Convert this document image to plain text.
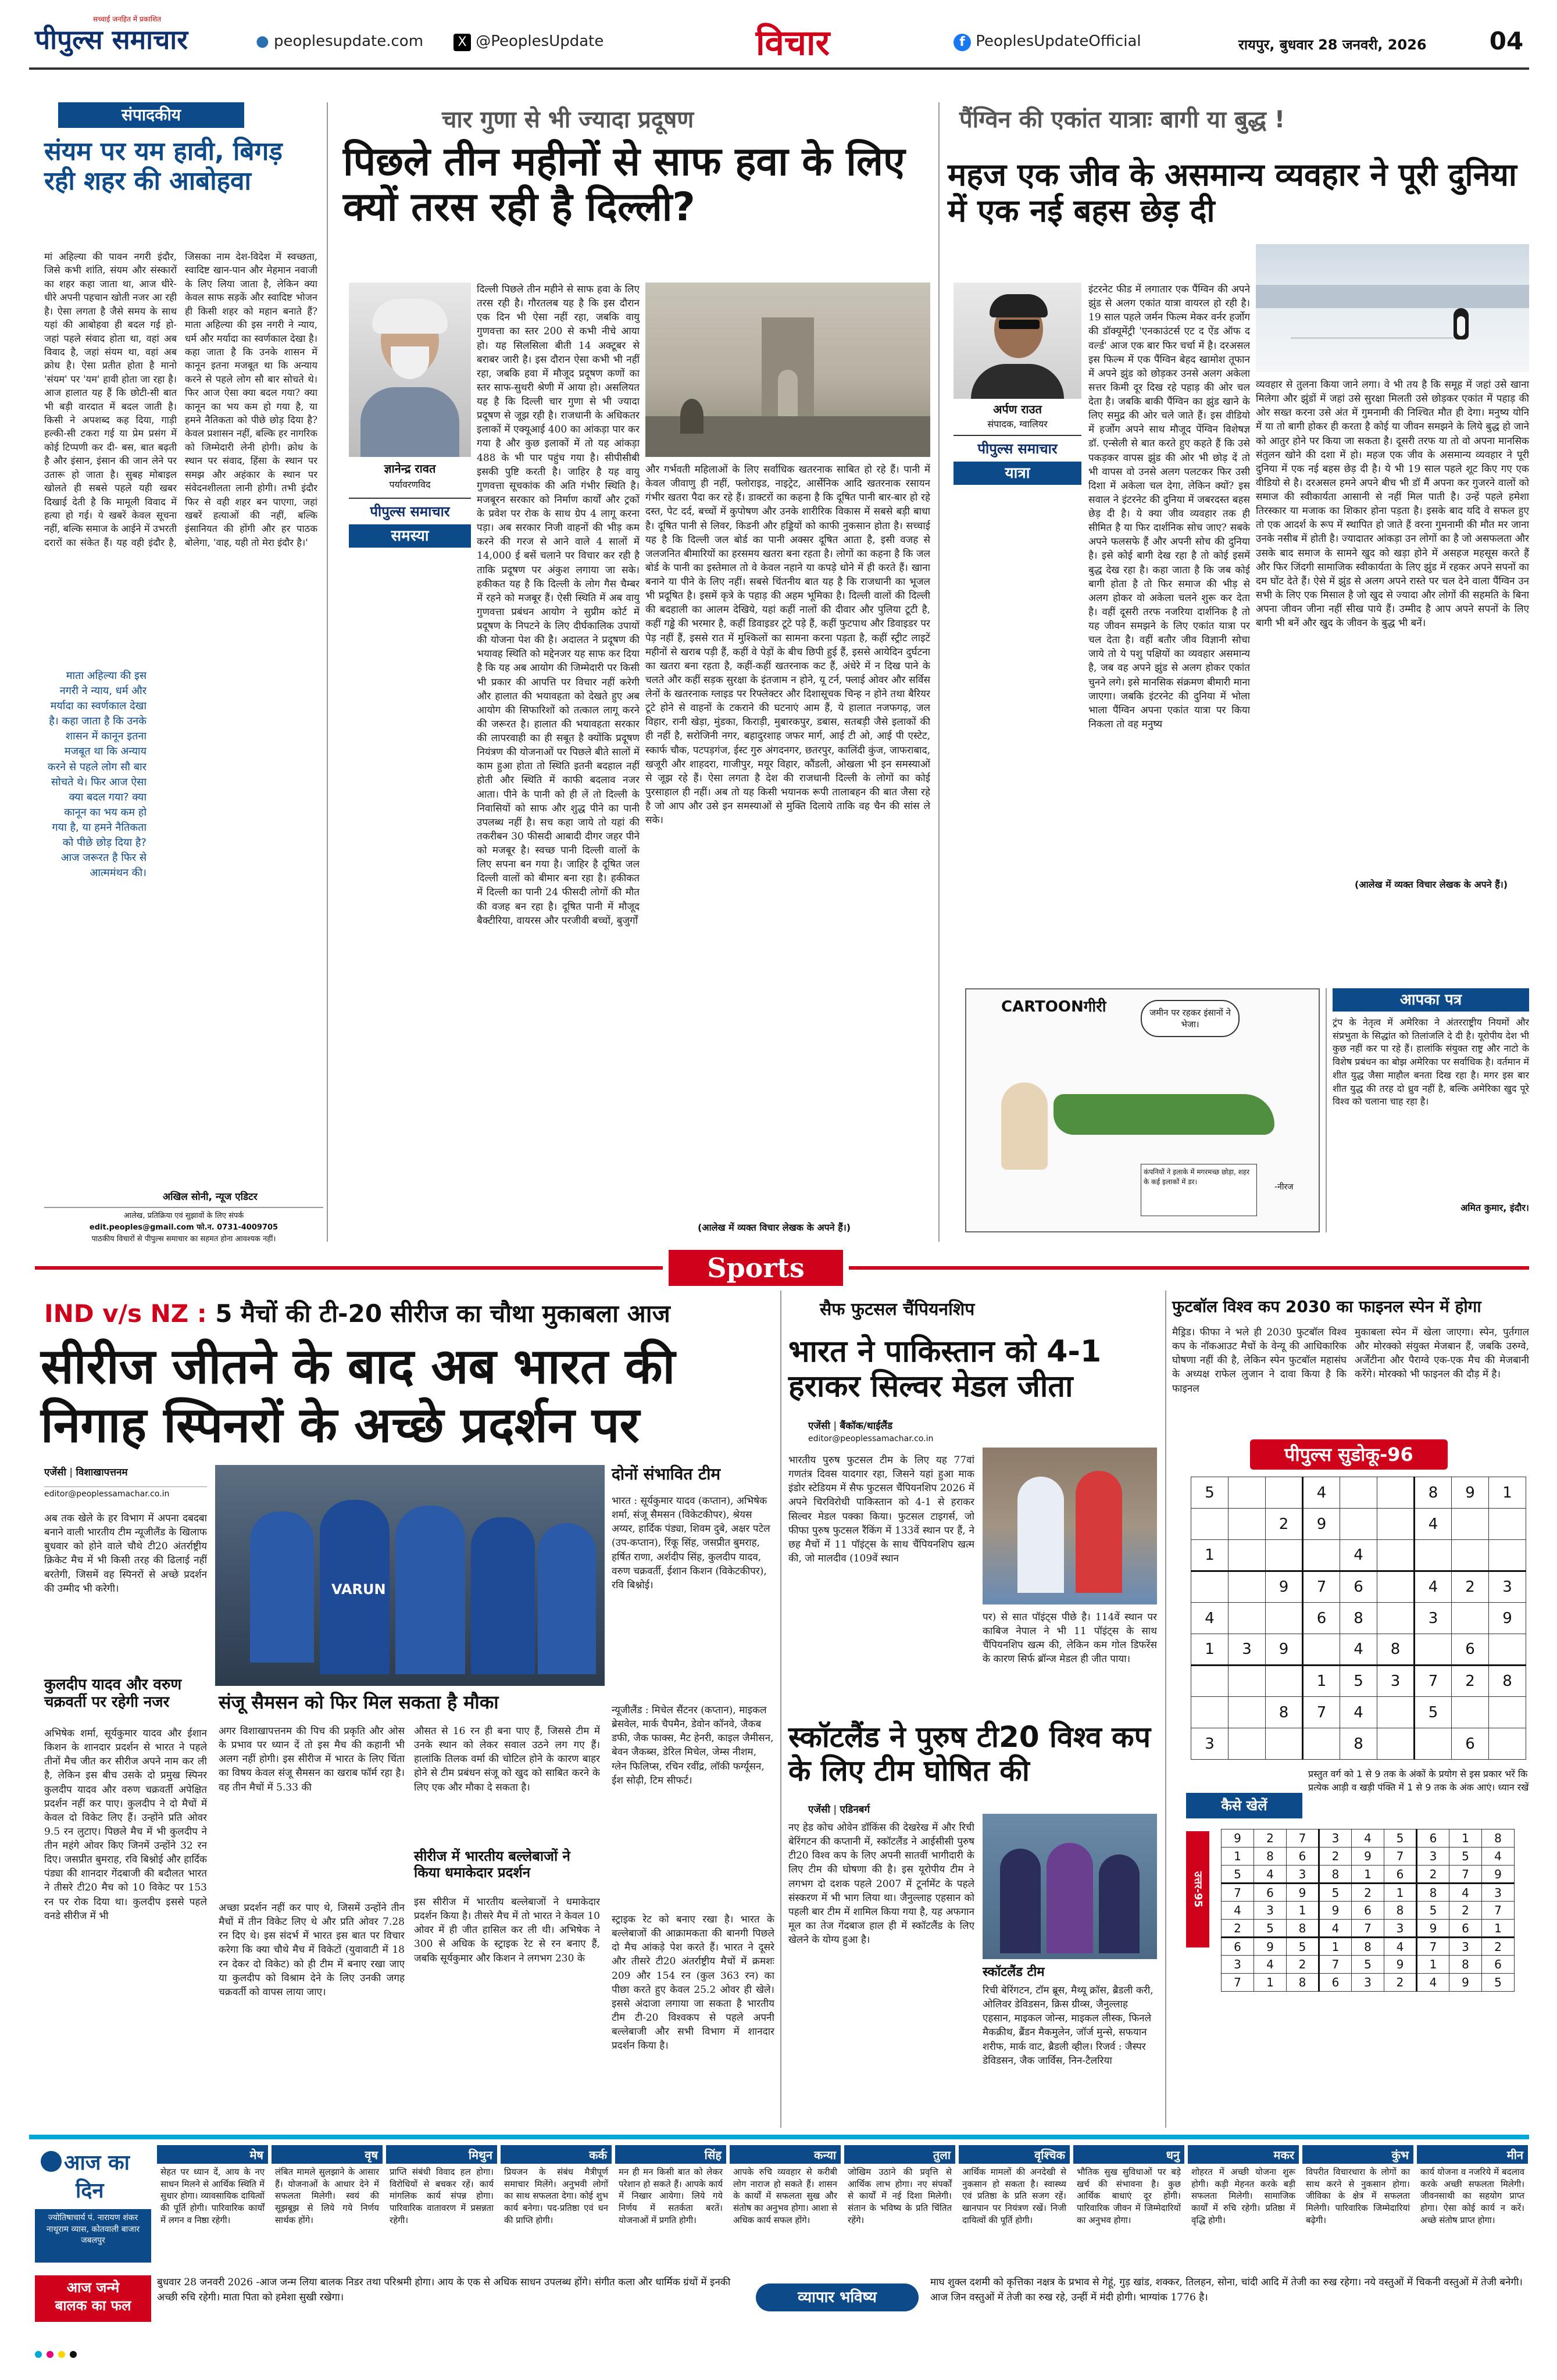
पीपुल्स समाचार
सच्चाई जनहित में प्रकाशित
● peoplesupdate.com	X @PeoplesUpdate	विचार	f PeoplesUpdateOfficial	रायपुर, बुधवार 28 जनवरी, 2026	04
संपादकीय
संयम पर यम हावी, बिगड़ रही शहर की आबोहवा
मां अहिल्या की पावन नगरी इंदौर, जिसे कभी शांति, संयम और संस्कारों का शहर कहा जाता था, आज धीरे-धीरे अपनी पहचान खोती नजर आ रही है। ऐसा लगता है जैसे समय के साथ यहां की आबोहवा ही बदल गई हो- जहां पहले संवाद होता था, वहां अब विवाद है, जहां संयम था, वहां अब क्रोध है। ऐसा प्रतीत होता है मानो 'संयम' पर 'यम' हावी होता जा रहा है। आज हालात यह हैं कि छोटी-सी बात भी बड़ी वारदात में बदल जाती है। किसी ने अपशब्द कह दिया, गाड़ी हल्की-सी टकरा गई या प्रेम प्रसंग में कोई टिप्पणी कर दी- बस, बात बढ़ती है और इंसान, इंसान की जान लेने पर उतारू हो जाता है। सुबह मोबाइल खोलते ही सबसे पहले यही खबर दिखाई देती है कि मामूली विवाद में हत्या हो गई। ये खबरें केवल सूचना नहीं, बल्कि समाज के आईने में उभरती दरारों का संकेत हैं। यह वही इंदौर है, जिसका नाम देश-विदेश में स्वच्छता, स्वादिष्ट खान-पान और मेहमान नवाजी के लिए लिया जाता है, लेकिन क्या केवल साफ सड़कें और स्वादिष्ट भोजन ही किसी शहर को महान बनाते हैं? माता अहिल्या की इस नगरी ने न्याय, धर्म और मर्यादा का स्वर्णकाल देखा है। कहा जाता है कि उनके शासन में कानून इतना मजबूत था कि अन्याय करने से पहले लोग सौ बार सोचते थे। फिर आज ऐसा क्या बदल गया? क्या कानून का भय कम हो गया है, या हमने नैतिकता को पीछे छोड़ दिया है? केवल प्रशासन नहीं, बल्कि हर नागरिक को जिम्मेदारी लेनी होगी। क्रोध के स्थान पर संवाद, हिंसा के स्थान पर समझ और अहंकार के स्थान पर संवेदनशीलता लानी होगी। तभी इंदौर फिर से वही शहर बन पाएगा, जहां खबरें हत्याओं की नहीं, बल्कि इंसानियत की होंगी और हर पाठक बोलेगा, 'वाह, यही तो मेरा इंदौर है।'
माता अहिल्या की इस नगरी ने न्याय, धर्म और मर्यादा का स्वर्णकाल देखा है। कहा जाता है कि उनके शासन में कानून इतना मजबूत था कि अन्याय करने से पहले लोग सौ बार सोचते थे। फिर आज ऐसा क्या बदल गया? क्या कानून का भय कम हो गया है, या हमने नैतिकता को पीछे छोड़ दिया है? आज जरूरत है फिर से आत्ममंथन की।
अखिल सोनी, न्यूज एडिटर
आलेख, प्रतिक्रिया एवं सुझावों के लिए संपर्क
edit.peoples@gmail.com फो.न. 0731-4009705
पाठकीय विचारों से पीपुल्स समाचार का सहमत होना आवश्यक नहीं।
चार गुणा से भी ज्यादा प्रदूषण
पिछले तीन महीनों से साफ हवा के लिए क्यों तरस रही है दिल्ली?
ज्ञानेन्द्र रावत
पर्यावरणविद
पीपुल्स समाचार
समस्या
दिल्ली पिछले तीन महीने से साफ हवा के लिए तरस रही है। गौरतलब यह है कि इस दौरान एक दिन भी ऐसा नहीं रहा, जबकि वायु गुणवत्ता का स्तर 200 से कभी नीचे आया हो। यह सिलसिला बीती 14 अक्टूबर से बराबर जारी है। इस दौरान ऐसा कभी भी नहीं रहा, जबकि हवा में मौजूद प्रदूषण कणों का स्तर साफ-सुथरी श्रेणी में आया हो। असलियत यह है कि दिल्ली चार गुणा से भी ज्यादा प्रदूषण से जूझ रही है। राजधानी के अधिकतर इलाकों में एक्यूआई 400 का आंकड़ा पार कर गया है और कुछ इलाकों में तो यह आंकड़ा 488 के भी पार पहुंच गया है। सीपीसीबी इसकी पुष्टि करती है। जाहिर है यह वायु गुणवत्ता सूचकांक की अति गंभीर स्थिति है। मजबूरन सरकार को निर्माण कार्यों और ट्रकों के प्रवेश पर रोक के साथ ग्रेप 4 लागू करना पड़ा। अब सरकार निजी वाहनों की भीड़ कम करने की गरज से आने वाले 4 सालों में 14,000 ई बसें चलाने पर विचार कर रही है ताकि प्रदूषण पर अंकुश लगाया जा सके। हकीकत यह है कि दिल्ली के लोग गैस चैम्बर में रहने को मजबूर हैं। ऐसी स्थिति में अब वायु गुणवत्ता प्रबंधन आयोग ने सुप्रीम कोर्ट में प्रदूषण के निपटने के लिए दीर्घकालिक उपायों की योजना पेश की है। अदालत ने प्रदूषण की भयावह स्थिति को मद्देनजर यह साफ कर दिया है कि यह अब आयोग की जिम्मेदारी पर किसी भी प्रकार की आपत्ति पर विचार नहीं करेगी और हालात की भयावहता को देखते हुए अब आयोग की सिफारिशों को तत्काल लागू करने की जरूरत है। हालात की भयावहता सरकार की लापरवाही का ही सबूत है क्योंकि प्रदूषण नियंत्रण की योजनाओं पर पिछले बीते सालों में काम हुआ होता तो स्थिति इतनी बदहाल नहीं होती और स्थिति में काफी बदलाव नजर आता। पीने के पानी को ही लें तो दिल्ली के निवासियों को साफ और शुद्ध पीने का पानी उपलब्ध नहीं है। सच कहा जाये तो यहां की तकरीबन 30 फीसदी आबादी दीगर जहर पीने को मजबूर है। स्वच्छ पानी दिल्ली वालों के लिए सपना बन गया है। जाहिर है दूषित जल दिल्ली वालों को बीमार बना रहा है। हकीकत में दिल्ली का पानी 24 फीसदी लोगों की मौत की वजह बन रहा है। दूषित पानी में मौजूद बैक्टीरिया, वायरस और परजीवी बच्चों, बुजुर्गों
और गर्भवती महिलाओं के लिए सर्वाधिक खतरनाक साबित हो रहे हैं। पानी में केवल जीवाणु ही नहीं, फ्लोराइड, नाइट्रेट, आर्सेनिक आदि खतरनाक रसायन गंभीर खतरा पैदा कर रहे हैं। डाक्टरों का कहना है कि दूषित पानी बार-बार हो रहे दस्त, पेट दर्द, बच्चों में कुपोषण और उनके शारीरिक विकास में सबसे बड़ी बाधा है। दूषित पानी से लिवर, किडनी और हड्डियों को काफी नुकसान होता है। सच्चाई यह है कि दिल्ली जल बोर्ड का पानी अक्सर दूषित आता है, इसी वजह से जलजनित बीमारियों का हरसमय खतरा बना रहता है। लोगों का कहना है कि जल बोर्ड के पानी का इस्तेमाल तो वे केवल नहाने या कपड़े धोने में ही करते हैं। खाना बनाने या पीने के लिए नहीं। सबसे चिंतनीय बात यह है कि राजधानी का भूजल भी प्रदूषित है। इसमें कृत्रे के पहाड़ की अहम भूमिका है। दिल्ली वालों की दिल्ली की बदहाली का आलम देखिये, यहां कहीं नालों की दीवार और पुलिया टूटी है, कहीं गड्ढे की भरमार है, कहीं डिवाइडर टूटे पड़े हैं, कहीं फुटपाथ और डिवाइडर पर पेड़ नहीं हैं, इससे रात में मुश्किलों का सामना करना पड़ता है, कहीं स्ट्रीट लाइटें महीनों से खराब पड़ी हैं, कहीं वे पेड़ों के बीच छिपी हुई हैं, इससे आयेदिन दुर्घटना का खतरा बना रहता है, कहीं-कहीं खतरनाक कट हैं, अंधेरे में न दिख पाने के चलते और कहीं सड़क सुरक्षा के इंतजाम न होने, यू टर्न, फ्लाई ओवर और सर्विस लेनों के खतरनाक ग्लाइड पर रिफ्लेक्टर और दिशासूचक चिन्ह न होने तथा बैरियर टूटे होने से वाहनों के टकराने की घटनाएं आम हैं, ये हालात नजफगढ़, जल विहार, रानी खेड़ा, मुंडका, किराड़ी, मुबारकपुर, डबास, सतबड़ी जैसे इलाकों की ही नहीं है, सरोजिनी नगर, बहादुरशाह जफर मार्ग, आई टी ओ, आई पी एस्टेट, स्कार्फ चौक, पटपड़गंज, ईस्ट गुरु अंगदनगर, छतरपुर, कालिंदी कुंज, जाफराबाद, खजूरी और शाहदरा, गाजीपुर, मयूर विहार, कौंडली, ओखला भी इन समस्याओं से जूझ रहे हैं। ऐसा लगता है देश की राजधानी दिल्ली के लोगों का कोई पुरसाहाल ही नहीं। अब तो यह किसी भयानक रूपी तालाबहन की बात जैसा रहे है जो आप और उसे इन समस्याओं से मुक्ति दिलाये ताकि वह चैन की सांस ले सके।
(आलेख में व्यक्त विचार लेखक के अपने हैं।)
पैंग्विन की एकांत यात्राः बागी या बुद्ध !
महज एक जीव के असमान्य व्यवहार ने पूरी दुनिया में एक नई बहस छेड़ दी
अर्पण राउत
संपादक, ग्वालियर
पीपुल्स समाचार
यात्रा
इंटरनेट फीड में लगातार एक पैंग्विन की अपने झुंड से अलग एकांत यात्रा वायरल हो रही है। 19 साल पहले जर्मन फिल्म मेकर वर्नर हर्जोग की डॉक्यूमेंट्री 'एनकाउंटर्स एट द ऐंड ऑफ द वर्ल्ड' आज एक बार फिर चर्चा में है। दरअसल इस फिल्म में एक पैंग्विन बेहद खामोश तूफान में अपने झुंड को छोड़कर उनसे अलग अकेला सत्तर किमी दूर दिख रहे पहाड़ की ओर चल देता है। जबकि बाकी पैंग्विन का झुंड खाने के लिए समुद्र की ओर चले जाते हैं। इस वीडियो में हर्जोग अपने साथ मौजूद पेंग्विन विशेषज्ञ डॉ. एन्सेली से बात करते हुए कहते हैं कि उसे पकड़कर वापस झुंड की ओर भी छोड़ दें तो भी वापस वो उनसे अलग पलटकर फिर उसी दिशा में अकेला चल देगा, लेकिन क्यों? इस सवाल ने इंटरनेट की दुनिया में जबरदस्त बहस छेड़ दी है। ये क्या जीव व्यवहार तक ही सीमित है या फिर दार्शनिक सोच जाए? सबके अपने फलसफे हैं और अपनी सोच की दुनिया है। इसे कोई बागी देख रहा है तो कोई इसमें बुद्ध देख रहा है। कहा जाता है कि जब कोई बागी होता है तो फिर समाज की भीड़ से अलग होकर वो अकेला चलने शुरू कर देता है। वहीं दूसरी तरफ नजरिया दार्शनिक है तो यह जीवन समझने के लिए एकांत यात्रा पर चल देता है। वहीं बतौर जीव विज्ञानी सोचा जाये तो ये पशु पक्षियों का व्यवहार असमान्य है, जब वह अपने झुंड से अलग होकर एकांत चुनने लगे। इसे मानसिक संक्रमण बीमारी माना जाएगा। जबकि इंटरनेट की दुनिया में भोला भाला पैंग्विन अपना एकांत यात्रा पर किया निकला तो वह मनुष्य
व्यवहार से तुलना किया जाने लगा। वे भी तय है कि समूह में जहां उसे खाना मिलेगा और झुंडों में जहां उसे सुरक्षा मिलती उसे छोड़कर एकांत में पहाड़ की ओर सख्त करना उसे अंत में गुमनामी की निश्चित मौत ही देगा। मनुष्य योनि में या तो बागी होकर ही करता है कोई या जीवन समझने के लिये बुद्ध हो जाने को आतुर होने पर किया जा सकता है। दूसरी तरफ या तो वो अपना मानसिक संतुलन खोने की दशा में हो। महज एक जीव के असमान्य व्यवहार ने पूरी दुनिया में एक नई बहस छेड़ दी है। ये भी 19 साल पहले शूट किए गए एक वीडियो से है। दरअसल हमने अपने बीच भी डॉ मैं अपना कर गुजरने वालों को समाज की स्वीकार्यता आसानी से नहीं मिल पाती है। उन्हें पहले हमेशा तिरस्कार या मजाक का शिकार होना पड़ता है। इसके बाद यदि वे सफल हुए तो एक आदर्श के रूप में स्थापित हो जाते हैं वरना गुमनामी की मौत मर जाना उनके नसीब में होती है। ज्यादातर आंकड़ा उन लोगों का है जो असफलता और उसके बाद समाज के सामने खुद को खड़ा होने में असहज महसूस करते हैं और फिर जिंदगी सामाजिक स्वीकार्यता के लिए झुंड में रहकर अपने सपनों का दम घोंट देते हैं। ऐसे में झुंड से अलग अपने रास्ते पर चल देने वाला पैंग्विन उन सभी के लिए एक मिसाल है जो खुद से ज्यादा और लोगों की सहमति के बिना अपना जीवन जीना नहीं सीख पाये हैं। उम्मीद है आप अपने सपनों के लिए बागी भी बनें और खुद के जीवन के बुद्ध भी बनें।
(आलेख में व्यक्त विचार लेखक के अपने हैं।)
CARTOONगीरी	जमीन पर रहकर इंसानों ने भेजा।
कंपनियों ने इलाके में मगरमच्छ छोड़ा, शहर के कई इलाकों में डर।
-नीरज
आपका पत्र
ट्रंप के नेतृत्व में अमेरिका ने अंतरराष्ट्रीय नियमों और संप्रभुता के सिद्धांत को तिलांजलि दे दी है। यूरोपीय देश भी कुछ नहीं कर पा रहे हैं। हालांकि संयुक्त राष्ट्र और नाटो के विशेष प्रबंधन का बोझ अमेरिका पर सर्वाधिक है। वर्तमान में शीत युद्ध जैसा माहौल बनता दिख रहा है। मगर इस बार शीत युद्ध की तरह दो ध्रुव नहीं है, बल्कि अमेरिका खुद पूरे विश्व को चलाना चाह रहा है।
अमित कुमार, इंदौर।
Sports
IND v/s NZ : 5 मैचों की टी-20 सीरीज का चौथा मुकाबला आज
सीरीज जीतने के बाद अब भारत की निगाह स्पिनरों के अच्छे प्रदर्शन पर
एजेंसी | विशाखापत्तनम
editor@peoplessamachar.co.in
अब तक खेले के हर विभाग में अपना दबदबा बनाने वाली भारतीय टीम न्यूजीलैंड के खिलाफ बुधवार को होने वाले चौथे टी20 अंतर्राष्ट्रीय क्रिकेट मैच में भी किसी तरह की ढिलाई नहीं बरतेगी, जिसमें वह स्पिनरों से अच्छे प्रदर्शन की उम्मीद भी करेगी।
कुलदीप यादव और वरुण चक्रवर्ती पर रहेगी नजर
अभिषेक शर्मा, सूर्यकुमार यादव और ईशान किशन के शानदार प्रदर्शन से भारत ने पहले तीनों मैच जीत कर सीरीज अपने नाम कर ली है, लेकिन इस बीच उसके दो प्रमुख स्पिनर कुलदीप यादव और वरुण चक्रवर्ती अपेक्षित प्रदर्शन नहीं कर पाए। कुलदीप ने दो मैचों में केवल दो विकेट लिए हैं। उन्होंने प्रति ओवर 9.5 रन लुटाए। पिछले मैच में भी कुलदीप ने तीन महंगे ओवर किए जिनमें उन्होंने 32 रन दिए। जसप्रीत बुमराह, रवि बिश्नोई और हार्दिक पंड्या की शानदार गेंदबाजी की बदौलत भारत ने तीसरे टी20 मैच को 10 विकेट पर 153 रन पर रोक दिया था। कुलदीप इससे पहले वनडे सीरीज में भी
VARUN
संजू सैमसन को फिर मिल सकता है मौका
अगर विशाखापत्तनम की पिच की प्रकृति और ओस के प्रभाव पर ध्यान दें तो इस मैच की कहानी भी अलग नहीं होगी। इस सीरीज में भारत के लिए चिंता का विषय केवल संजू सैमसन का खराब फॉर्म रहा है। वह तीन मैचों में 5.33 की
औसत से 16 रन ही बना पाए हैं, जिससे टीम में उनके स्थान को लेकर सवाल उठने लग गए हैं। हालांकि तिलक वर्मा की चोटिल होने के कारण बाहर होने से टीम प्रबंधन संजू को खुद को साबित करने के लिए एक और मौका दे सकता है।
अच्छा प्रदर्शन नहीं कर पाए थे, जिसमें उन्होंने तीन मैचों में तीन विकेट लिए थे और प्रति ओवर 7.28 रन दिए थे। इस संदर्भ में भारत इस बात पर विचार करेगा कि क्या चौथे मैच में विकेटों (युवावाटी में 18 रन देकर दो विकेट) को ही टीम में बनाए रखा जाए या कुलदीप को विश्राम देने के लिए उनकी जगह चक्रवर्ती को वापस लाया जाए।
सीरीज में भारतीय बल्लेबाजों ने किया धमाकेदार प्रदर्शन
इस सीरीज में भारतीय बल्लेबाजों ने धमाकेदार प्रदर्शन किया है। तीसरे मैच में तो भारत ने केवल 10 ओवर में ही जीत हासिल कर ली थी। अभिषेक ने 300 से अधिक के स्ट्राइक रेट से रन बनाए हैं, जबकि सूर्यकुमार और किशन ने लगभग 230 के
दोनों संभावित टीम
भारत : सूर्यकुमार यादव (कप्तान), अभिषेक शर्मा, संजू सैमसन (विकेटकीपर), श्रेयस अय्यर, हार्दिक पंड्या, शिवम दुबे, अक्षर पटेल (उप-कप्तान), रिंकू सिंह, जसप्रीत बुमराह, हर्षित राणा, अर्शदीप सिंह, कुलदीप यादव, वरुण चक्रवर्ती, ईशान किशन (विकेटकीपर), रवि बिश्नोई।
न्यूजीलैंड : मिचेल सैंटनर (कप्तान), माइकल ब्रेसवेल, मार्क चैपमैन, डेवोन कॉनवे, जैकब डफी, जैक फाक्स, मैट हेनरी, काइल जैमीसन, बेवन जैकब्स, डेरिल मिचेल, जेम्स नीशम, ग्लेन फिलिप्स, रचिन रवींद्र, लॉकी फर्ग्यूसन, ईश सोढ़ी, टिम सीफर्ट।
स्ट्राइक रेट को बनाए रखा है। भारत के बल्लेबाजों की आक्रामकता की बानगी पिछले दो मैच आंकड़े पेश करते हैं। भारत ने दूसरे और तीसरे टी20 अंतर्राष्ट्रीय मैचों में क्रमशः 209 और 154 रन (कुल 363 रन) का पीछा करते हुए केवल 25.2 ओवर ही खेले। इससे अंदाजा लगाया जा सकता है भारतीय टीम टी-20 विश्वकप से पहले अपनी बल्लेबाजी और सभी विभाग में शानदार प्रदर्शन किया है।
सैफ फुटसल चैंपियनशिप
भारत ने पाकिस्तान को 4-1 हराकर सिल्वर मेडल जीता
एजेंसी | बैंकॉक/थाईलैंड
editor@peoplessamachar.co.in
भारतीय पुरुष फुटसल टीम के लिए यह 77वां गणतंत्र दिवस यादगार रहा, जिसने यहां हुआ माक इंडोर स्टेडियम में सैफ फुटसल चैंपियनशिप 2026 में अपने चिरविरोधी पाकिस्तान को 4-1 से हराकर सिल्वर मेडल पक्का किया। फुटसल टाइगर्स, जो फीफा पुरुष फुटसल रैंकिंग में 133वें स्थान पर हैं, ने छह मैचों में 11 पॉइंट्स के साथ चैंपियनशिप खत्म की, जो मालदीव (109वें स्थान
पर) से सात पॉइंट्स पीछे है। 114वें स्थान पर काबिज नेपाल ने भी 11 पॉइंट्स के साथ चैंपियनशिप खत्म की, लेकिन कम गोल डिफरेंस के कारण सिर्फ ब्रॉन्ज मेडल ही जीत पाया।
स्कॉटलैंड ने पुरुष टी20 विश्व कप के लिए टीम घोषित की
एजेंसी | एडिनबर्ग
नए हेड कोच ओवेन डॉकिंस की देखरेख में और रिची बेरिंगटन की कप्तानी में, स्कॉटलैंड ने आईसीसी पुरुष टी20 विश्व कप के लिए अपनी सातवीं भागीदारी के लिए टीम की घोषणा की है। इस यूरोपीय टीम ने लगभग दो दशक पहले 2007 में टूर्नामेंट के पहले संस्करण में भी भाग लिया था। जैनुल्लाह एहसान को पहली बार टीम में शामिल किया गया है, यह अफगान मूल का तेज गेंदबाज हाल ही में स्कॉटलैंड के लिए खेलने के योग्य हुआ है।
स्कॉटलैंड टीम
रिची बेरिंगटन, टॉम ब्रूस, मैथ्यू क्रॉस, ब्रैडली करी, ओलिवर डेविडसन, क्रिस ग्रीव्स, जैनुल्लाह एहसान, माइकल जोन्स, माइकल लीस्क, फिनले मैकक्रीथ, ब्रैंडन मैकमुलेन, जॉर्ज मुन्से, सफयान शरीफ, मार्क वाट, ब्रैडली व्हील। रिजर्व : जैस्पर डेविडसन, जैक जार्विस, निन-टैलरिया
फुटबॉल विश्व कप 2030 का फाइनल स्पेन में होगा
मैड्रिड। फीफा ने भले ही 2030 फुटबॉल विश्व कप के नॉकआउट मैचों के वेन्यू की आधिकारिक घोषणा नहीं की है, लेकिन स्पेन फुटबॉल महासंघ के अध्यक्ष राफेल लुजान ने दावा किया है कि फाइनल
मुकाबला स्पेन में खेला जाएगा। स्पेन, पुर्तगाल और मोरक्को संयुक्त मेजबान हैं, जबकि उरुग्वे, अर्जेंटीना और पैराग्वे एक-एक मैच की मेजबानी करेंगे। मोरक्को भी फाइनल की दौड़ में है।
पीपुल्स सुडोकू-96
5			4			8	9	1
		2	9			4		
1				4				
		9	7	6		4	2	3
4			6	8		3		9
1	3	9		4	8		6	
			1	5	3	7	2	8
		8	7	4		5		
3				8			6	
प्रस्तुत वर्ग को 1 से 9 तक के अंकों के प्रयोग से इस प्रकार भरें कि प्रत्येक आड़ी व खड़ी पंक्ति में 1 से 9 तक के अंक आएं। ध्यान रखें
कैसे खेलें
उत्तर-95
9	2	7	3	4	5	6	1	8
1	8	6	2	9	7	3	5	4
5	4	3	8	1	6	2	7	9
7	6	9	5	2	1	8	4	3
4	3	1	9	6	8	5	2	7
2	5	8	4	7	3	9	6	1
6	9	5	1	8	4	7	3	2
3	4	2	7	5	9	1	8	6
7	1	8	6	3	2	4	9	5
आज का
दिन
ज्योतिषाचार्य पं. नारायण शंकर नाथूराम व्यास, कोतवाली बाजार जबलपुर
मेष
सेहत पर ध्यान दें, आय के नए साधन मिलने से आर्थिक स्थिति में सुधार होगा। व्यावसायिक दायित्वों की पूर्ति होगी। पारिवारिक कार्यों में लगन व निष्ठा रहेगी।
वृष
लंबित मामले सुलझाने के आसार हैं। योजनाओं के आधार देने में सफलता मिलेगी। स्वयं की सूझबूझ से लिये गये निर्णय सार्थक होंगे।
मिथुन
प्राप्ति संबंधी विवाद हल होगा। विरोधियों से बचकर रहें। कार्य मांगलिक कार्य संपन्न होगा। पारिवारिक वातावरण में प्रसन्नता रहेगी।
कर्क
प्रियजन के संबंध मैत्रीपूर्ण समाचार मिलेंगे। अनुभवी लोगों का साथ सफलता देगा। कोई शुभ कार्य बनेगा। पद-प्रतिष्ठा एवं धन की प्राप्ति होगी।
सिंह
मन ही मन किसी बात को लेकर परेशान हो सकते हैं। आपके कार्य में निखार आयेगा। लिये गये निर्णय में सतर्कता बरतें। योजनाओं में प्रगति होगी।
कन्या
आपके रुचि व्यवहार से करीबी लोग नाराज हो सकते हैं। शासन के कार्यों में सफलता सुख और संतोष का अनुभव होगा। आशा से अधिक कार्य सफल होंगे।
तुला
जोखिम उठाने की प्रवृत्ति से आर्थिक लाभ होगा। नए संपर्कों से कार्यों में नई दिशा मिलेगी। संतान के भविष्य के प्रति चिंतित रहेंगे।
वृश्चिक
आर्थिक मामलों की अनदेखी से नुकसान हो सकता है। स्वास्थ्य एवं प्रतिष्ठा के प्रति सजग रहें। खानपान पर नियंत्रण रखें। निजी दायित्वों की पूर्ति होगी।
धनु
भौतिक सुख सुविधाओं पर बड़े खर्च की संभावना है। कुछ आर्थिक बाधाएं दूर होंगी। पारिवारिक जीवन में जिम्मेदारियों का अनुभव होगा।
मकर
शोहरत में अच्छी योजना शुरू होगी। कड़ी मेहनत करके बड़ी सफलता मिलेगी। सामाजिक कार्यों में रुचि रहेगी। प्रतिष्ठा में वृद्धि होगी।
कुंभ
विपरीत विचारधारा के लोगों का साथ करने से नुकसान होगा। जीविका के क्षेत्र में सफलता मिलेगी। पारिवारिक जिम्मेदारियां बढ़ेगी।
मीन
कार्य योजना व नजरिये में बदलाव करके अच्छी सफलता मिलेगी। जीवनसाथी का सहयोग प्राप्त होगा। ऐसा कोई कार्य न करें। अच्छे संतोष प्राप्त होगा।
आज जन्मे
बालक का फल
बुधवार 28 जनवरी 2026 -आज जन्म लिया बालक निडर तथा परिश्रमी होगा। आय के एक से अधिक साधन उपलब्ध होंगे। संगीत कला और धार्मिक ग्रंथों में इनकी अच्छी रुचि रहेगी। माता पिता को हमेशा सुखी रखेगा।	व्यापार भविष्य
माघ शुक्ल दशमी को कृत्तिका नक्षत्र के प्रभाव से गेहूं, गुड़ खांड, शक्कर, तिलहन, सोना, चांदी आदि में तेजी का रुख रहेगा। नये वस्तुओं में चिकनी वस्तुओं में तेजी बनेगी। आज जिन वस्तुओं में तेजी का रुख रहे, उन्हीं में मंदी होगी। भाग्यांक 1776 है।
